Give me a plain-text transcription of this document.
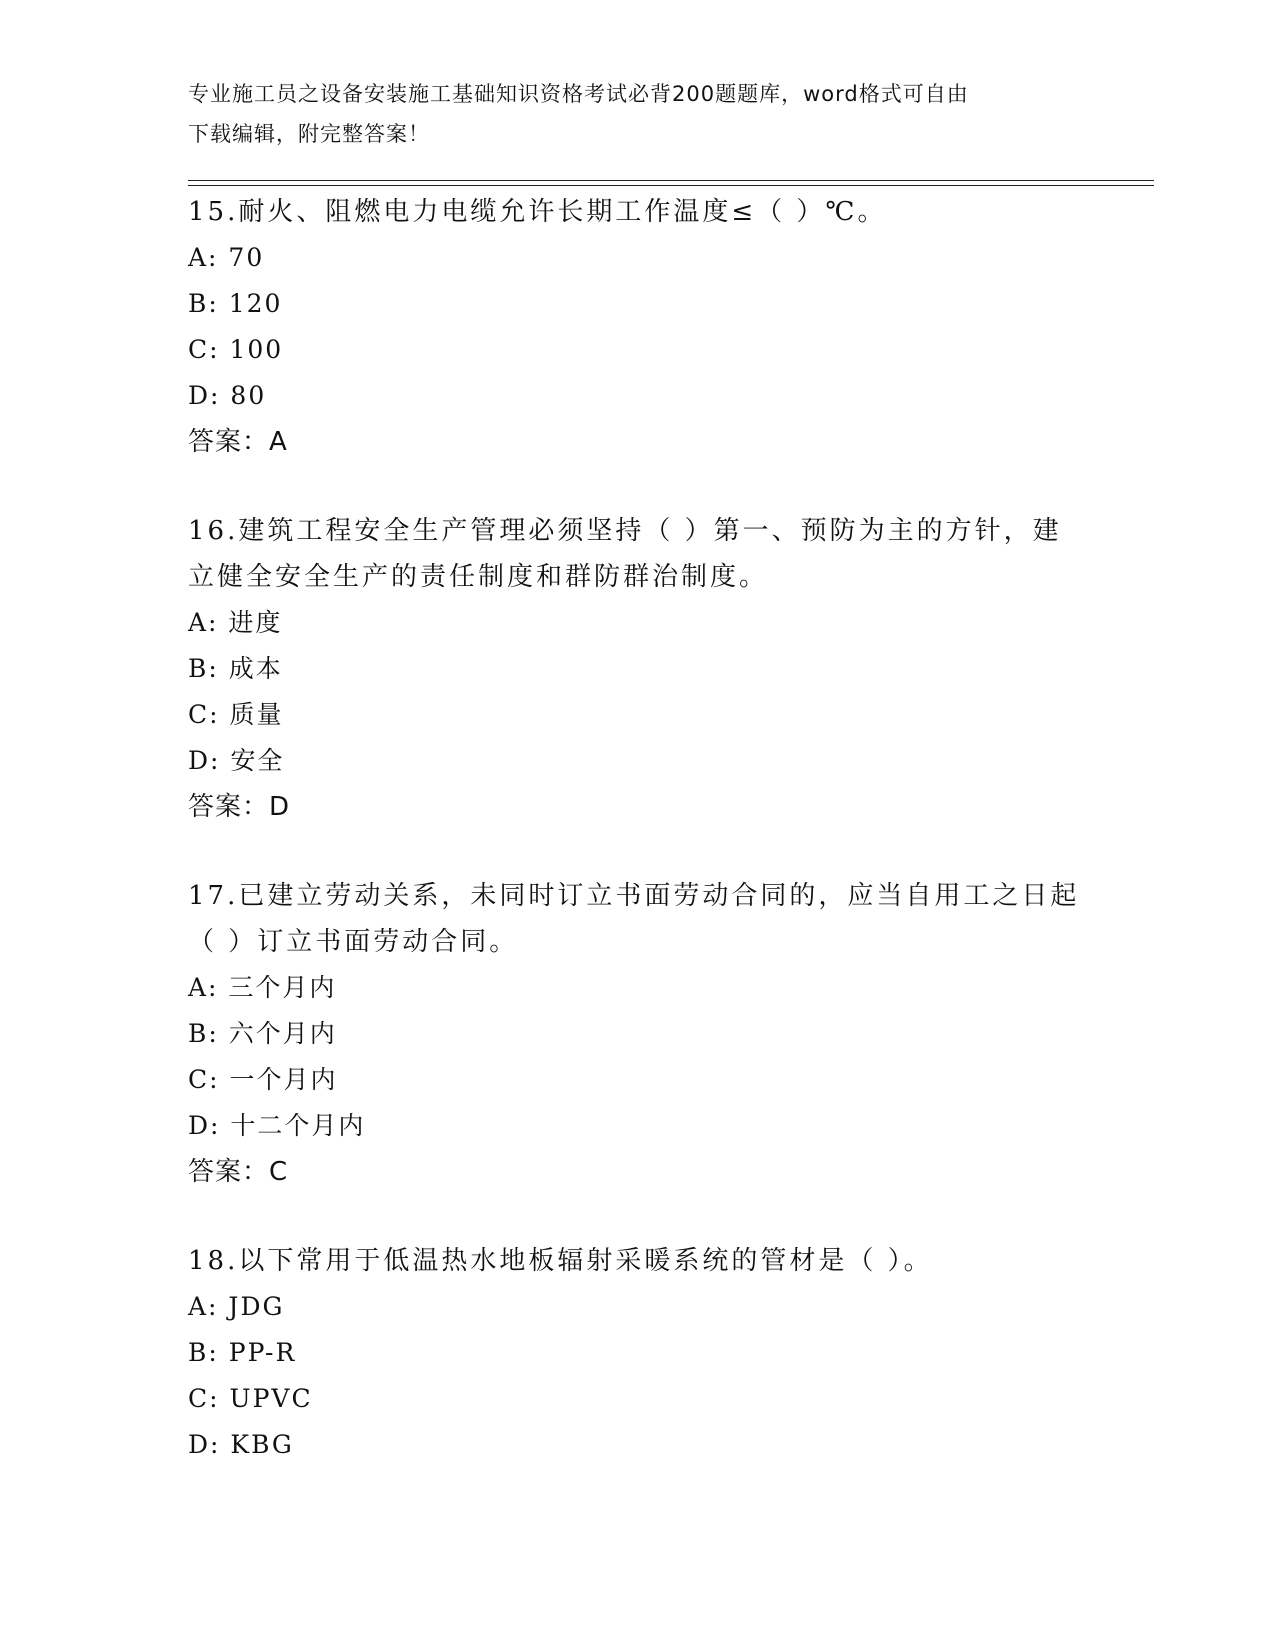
专业施工员之设备安装施工基础知识资格考试必背200题题库，word格式可自由
下载编辑，附完整答案！
15.耐火、阻燃电力电缆允许长期工作温度≤（ ）℃。
A: 70
B: 120
C: 100
D: 80
答案：A
16.建筑工程安全生产管理必须坚持（ ）第一、预防为主的方针，建
立健全安全生产的责任制度和群防群治制度。
A: 进度
B: 成本
C: 质量
D: 安全
答案：D
17.已建立劳动关系，未同时订立书面劳动合同的，应当自用工之日起
（ ）订立书面劳动合同。
A: 三个月内
B: 六个月内
C: 一个月内
D: 十二个月内
答案：C
18.以下常用于低温热水地板辐射采暖系统的管材是（ ）。
A: JDG
B: PP-R
C: UPVC
D: KBG
